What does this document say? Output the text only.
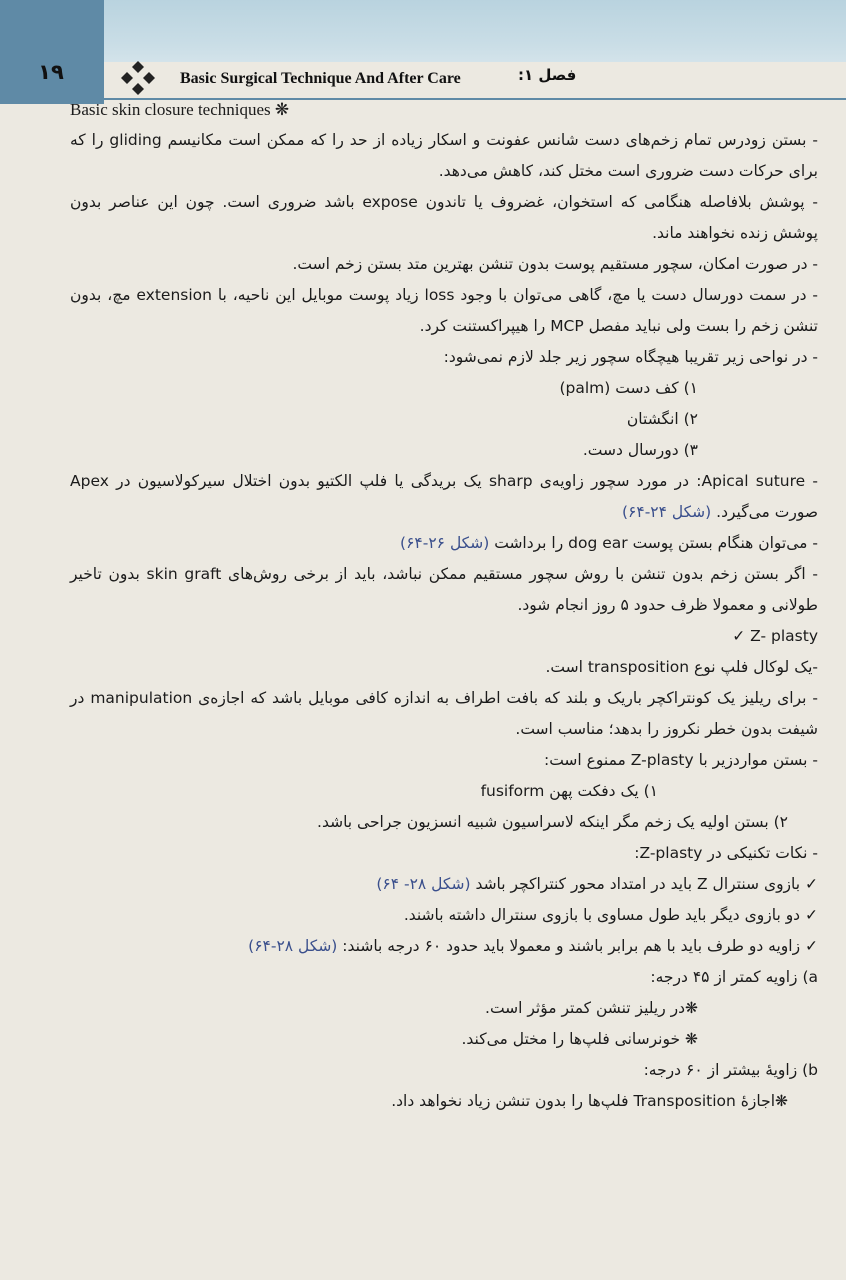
۱۹	Basic Surgical Technique And After Care	فصل ۱:

Basic skin closure techniques ❋

- بستن زودرس تمام زخم‌های دست شانس عفونت و اسکار زیاده از حد را که ممکن است مکانیسم gliding را که برای حرکات دست ضروری است مختل کند، کاهش می‌دهد.

- پوشش بلافاصله هنگامی که استخوان، غضروف یا تاندون expose باشد ضروری است. چون این عناصر بدون پوشش زنده نخواهند ماند.

- در صورت امکان، سچور مستقیم پوست بدون تنشن بهترین متد بستن زخم است.

- در سمت دورسال دست یا مچ، گاهی می‌توان با وجود loss زیاد پوست موبایل این ناحیه، با extension مچ، بدون تنشن زخم را بست ولی نباید مفصل MCP را هیپراکستنت کرد.

- در نواحی زیر تقریبا هیچگاه سچور زیر جلد لازم نمی‌شود:

۱) کف دست (palm)

۲) انگشتان

۳) دورسال دست.

- Apical suture: در مورد سچور زاویه‌ی sharp یک بریدگی یا فلپ الکتیو بدون اختلال سیرکولاسیون در Apex صورت می‌گیرد. (شکل ۲۴-۶۴)

- می‌توان هنگام بستن پوست dog ear را برداشت (شکل ۲۶-۶۴)

- اگر بستن زخم بدون تنشن با روش سچور مستقیم ممکن نباشد، باید از برخی روش‌های skin graft بدون تاخیر طولانی و معمولا ظرف حدود ۵ روز انجام شود.

Z- plasty ✓

-یک لوکال فلپ نوع transposition است.

- برای ریلیز یک کونتراکچر باریک و بلند که بافت اطراف به اندازه کافی موبایل باشد که اجازه‌ی manipulation در شیفت بدون خطر نکروز را بدهد؛ مناسب است.

- بستن مواردزیر با Z-plasty ممنوع است:

۱) یک دفکت پهن fusiform

۲) بستن اولیه یک زخم مگر اینکه لاسراسیون شبیه انسزیون جراحی باشد.

- نکات تکنیکی در Z-plasty:

✓ بازوی سنترال Z باید در امتداد محور کنتراکچر باشد (شکل ۲۸- ۶۴)

✓ دو بازوی دیگر باید طول مساوی با بازوی سنترال داشته باشند.

✓ زاویه دو طرف باید با هم برابر باشند و معمولا باید حدود ۶۰ درجه باشند: (شکل ۲۸-۶۴)

a) زاویه کمتر از ۴۵ درجه:

❋در ریلیز تنشن کمتر مؤثر است.

❋ خونرسانی فلپ‌ها را مختل می‌کند.

b) زاویهٔ بیشتر از ۶۰ درجه:

❋اجازهٔ Transposition فلپ‌ها را بدون تنشن زیاد نخواهد داد.
